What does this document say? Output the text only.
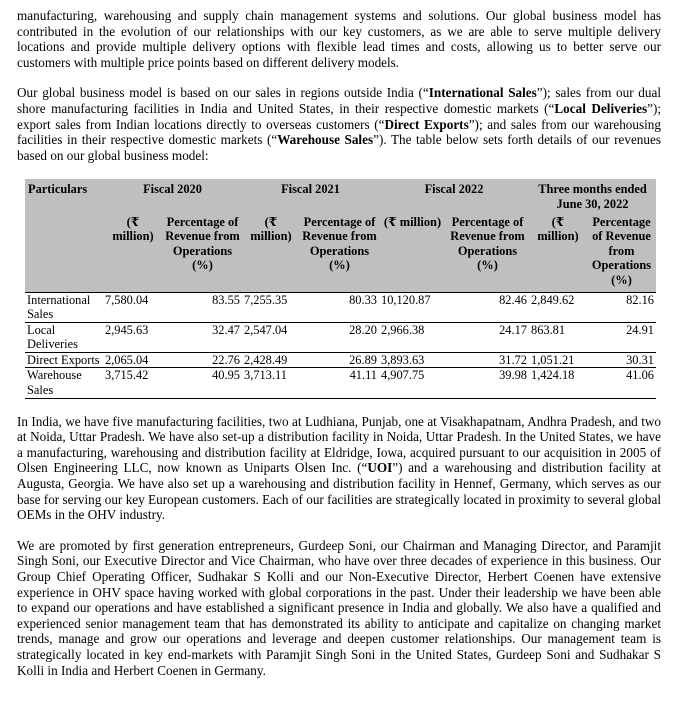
manufacturing, warehousing and supply chain management systems and solutions. Our global business model has contributed in the evolution of our relationships with our key customers, as we are able to serve multiple delivery locations and provide multiple delivery options with flexible lead times and costs, allowing us to better serve our customers with multiple price points based on different delivery models.

Our global business model is based on our sales in regions outside India (“International Sales”); sales from our dual shore manufacturing facilities in India and United States, in their respective domestic markets (“Local Deliveries”); export sales from Indian locations directly to overseas customers (“Direct Exports”); and sales from our warehousing facilities in their respective domestic markets (“Warehouse Sales”). The table below sets forth details of our revenues based on our global business model:

Particulars	Fiscal 2020		Fiscal 2021		Fiscal 2022		Three months ended June 30, 2022	
	(₹ million)	Percentage of Revenue from Operations (%)	(₹ million)	Percentage of Revenue from Operations (%)	(₹ million)	Percentage of Revenue from Operations (%)	(₹ million)	Percentage of Revenue from Operations (%)
International Sales	7,580.04	83.55	7,255.35	80.33	10,120.87	82.46	2,849.62	82.16
Local Deliveries	2,945.63	32.47	2,547.04	28.20	2,966.38	24.17	863.81	24.91
Direct Exports	2,065.04	22.76	2,428.49	26.89	3,893.63	31.72	1,051.21	30.31
Warehouse Sales	3,715.42	40.95	3,713.11	41.11	4,907.75	39.98	1,424.18	41.06

In India, we have five manufacturing facilities, two at Ludhiana, Punjab, one at Visakhapatnam, Andhra Pradesh, and two at Noida, Uttar Pradesh. We have also set-up a distribution facility in Noida, Uttar Pradesh. In the United States, we have a manufacturing, warehousing and distribution facility at Eldridge, Iowa, acquired pursuant to our acquisition in 2005 of Olsen Engineering LLC, now known as Uniparts Olsen Inc. (“UOI”) and a warehousing and distribution facility at Augusta, Georgia. We have also set up a warehousing and distribution facility in Hennef, Germany, which serves as our base for serving our key European customers. Each of our facilities are strategically located in proximity to several global OEMs in the OHV industry.

We are promoted by first generation entrepreneurs, Gurdeep Soni, our Chairman and Managing Director, and Paramjit Singh Soni, our Executive Director and Vice Chairman, who have over three decades of experience in this business. Our Group Chief Operating Officer, Sudhakar S Kolli and our Non-Executive Director, Herbert Coenen have extensive experience in OHV space having worked with global corporations in the past. Under their leadership we have been able to expand our operations and have established a significant presence in India and globally. We also have a qualified and experienced senior management team that has demonstrated its ability to anticipate and capitalize on changing market trends, manage and grow our operations and leverage and deepen customer relationships. Our management team is strategically located in key end-markets with Paramjit Singh Soni in the United States, Gurdeep Soni and Sudhakar S Kolli in India and Herbert Coenen in Germany.
